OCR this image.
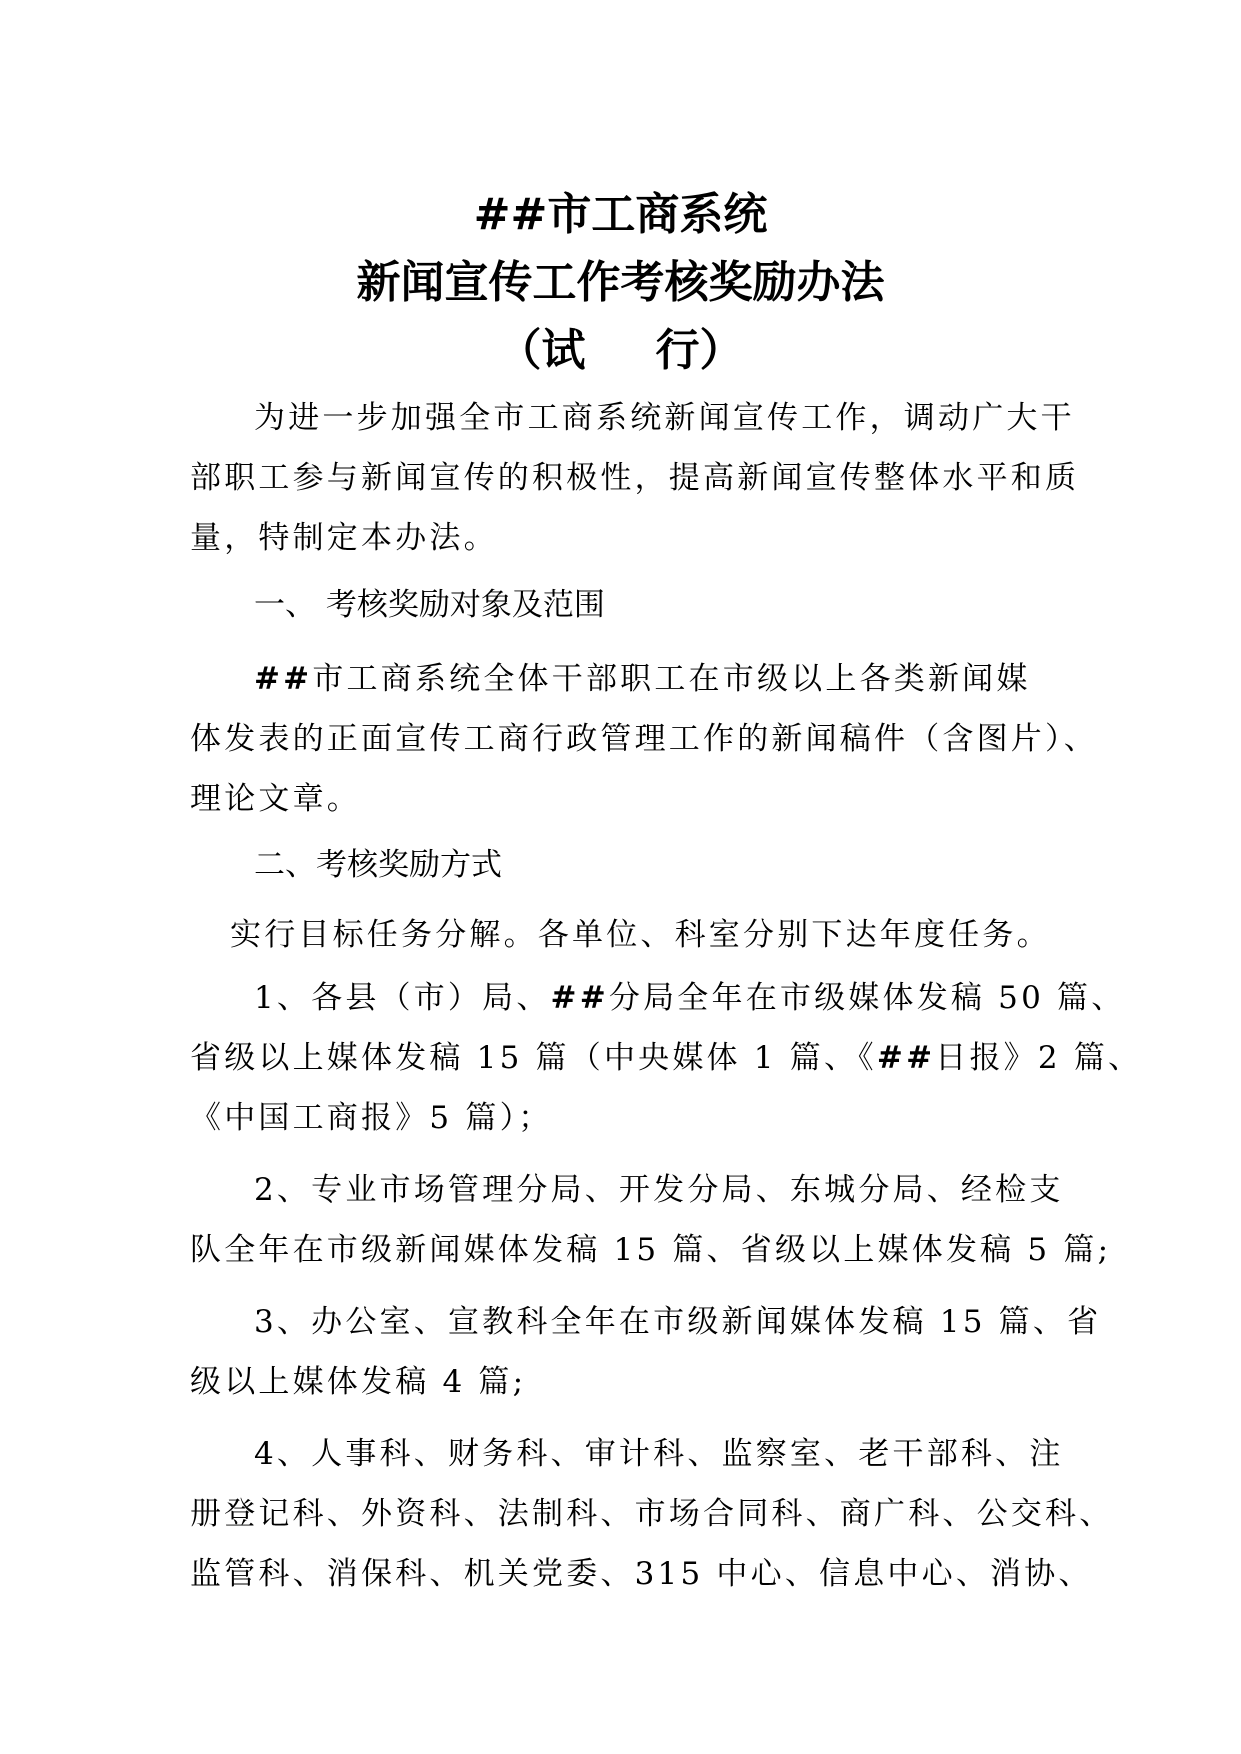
##市工商系统
新闻宣传工作考核奖励办法
（试 行）
为进一步加强全市工商系统新闻宣传工作，调动广大干
部职工参与新闻宣传的积极性，提高新闻宣传整体水平和质
量，特制定本办法。
一、 考核奖励对象及范围
##市工商系统全体干部职工在市级以上各类新闻媒
体发表的正面宣传工商行政管理工作的新闻稿件（含图片）、
理论文章。
二、考核奖励方式
实行目标任务分解。各单位、科室分别下达年度任务。
1、各县（市）局、##分局全年在市级媒体发稿 50 篇、
省级以上媒体发稿 15 篇（中央媒体 1 篇、《##日报》2 篇、
《中国工商报》5 篇）；
2、专业市场管理分局、开发分局、东城分局、经检支
队全年在市级新闻媒体发稿 15 篇、省级以上媒体发稿 5 篇;
3、办公室、宣教科全年在市级新闻媒体发稿 15 篇、省
级以上媒体发稿 4 篇;
4、人事科、财务科、审计科、监察室、老干部科、注
册登记科、外资科、法制科、市场合同科、商广科、公交科、
监管科、消保科、机关党委、315 中心、信息中心、消协、
